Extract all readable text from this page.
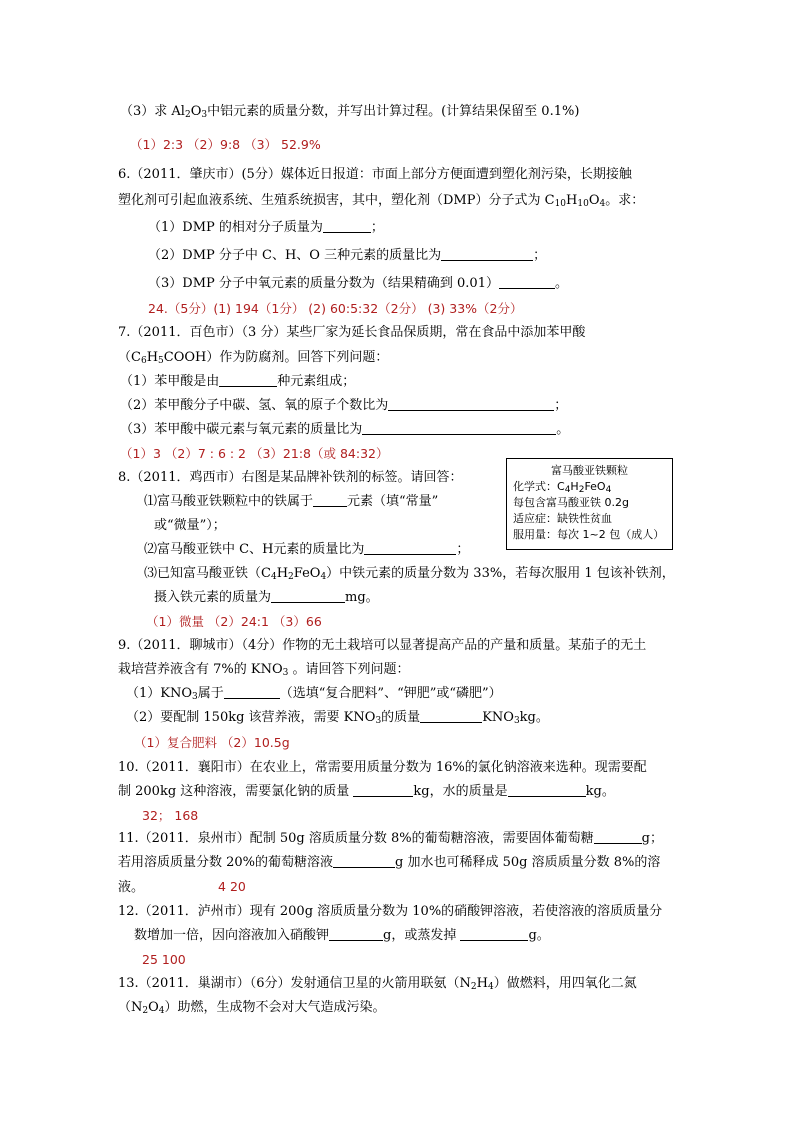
（3）求 $Al_2O_3$中铝元素的质量分数，并写出计算过程。(计算结果保留至 0.1%)
（1）2:3 （2）9:8 （3） 52.9%
6.（2011．肇庆市）(5分）媒体近日报道：市面上部分方便面遭到塑化剂污染，长期接触
塑化剂可引起血液系统、生殖系统损害，其中，塑化剂（DMP）分子式为 $C_{10}H_{10}O_4$。求：
（1）DMP 的相对分子质量为	；
（2）DMP 分子中 C、H、O 三种元素的质量比为	；
（3）DMP 分子中氧元素的质量分数为（结果精确到 0.01）	。
24.（5分）(1) 194（1分） (2) 60:5:32（2分） (3) 33%（2分）
7.（2011．百色市）（3 分）某些厂家为延长食品保质期，常在食品中添加苯甲酸
$(C_6H_5COOH)$作为防腐剂。回答下列问题：
（1）苯甲酸是由	种元素组成；
（2）苯甲酸分子中碳、氢、氧的原子个数比为	；
（3）苯甲酸中碳元素与氧元素的质量比为	。
（1）3 （2）7 : 6 : 2 （3）21:8（或 84:32）
8.（2011．鸡西市）右图是某品牌补铁剂的标签。请回答：
⑴富马酸亚铁颗粒中的铁属于	元素（填“常量”
或“微量”）；
⑵富马酸亚铁中 C、H元素的质量比为	；
⑶已知富马酸亚铁$(C_4H_2FeO_4)$中铁元素的质量分数为 33%，若每次服用 1 包该补铁剂，
摄入铁元素的质量为	mg。
（1）微量 （2）24:1 （3）66
富马酸亚铁颗粒
化学式：$C_4H_2FeO_4$
每包含富马酸亚铁 0.2g
适应症：缺铁性贫血
服用量：每次 1~2 包（成人）
9.（2011．聊城市）（4分）作物的无土栽培可以显著提高产品的产量和质量。某茄子的无土
栽培营养液含有 7%的 $KNO_3$ 。请回答下列问题：
$(1)KNO_3$属于	（选填“复合肥料”、“钾肥”或“磷肥”）
（2）要配制 150kg 该营养液，需要 $KNO_3$的质量	$KNO_3kg$。
（1）复合肥料 （2）10.5g
10.（2011．襄阳市）在农业上，常需要用质量分数为 16%的氯化钠溶液来选种。现需要配
制 200kg 这种溶液，需要氯化钠的质量	kg，水的质量是	kg。
32； 168
11.（2011．泉州市）配制 50g 溶质质量分数 8%的葡萄糖溶液，需要固体葡萄糖	g；
若用溶质质量分数 20%的葡萄糖溶液	g 加水也可稀释成 50g 溶质质量分数 8%的溶
液。	4 20
12.（2011．泸州市）现有 200g 溶质质量分数为 10%的硝酸钾溶液，若使溶液的溶质质量分
数增加一倍，因向溶液加入硝酸钾	g，或蒸发掉	g。
25 100
13.（2011．巢湖市）（6分）发射通信卫星的火箭用联氨$(N_2H_4)$做燃料，用四氧化二氮
$(N_2O_4)$助燃，生成物不会对大气造成污染。
